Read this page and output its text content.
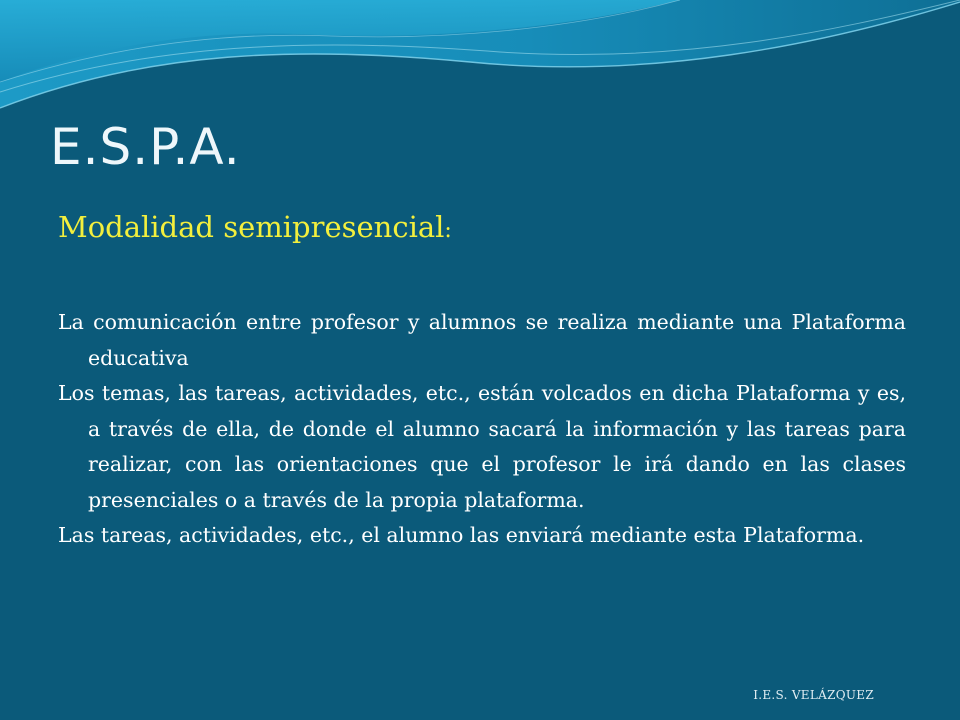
E.S.P.A.
Modalidad semipresencial:

La comunicación entre profesor y alumnos se realiza mediante una Plataforma educativa

Los temas, las tareas, actividades, etc., están volcados en dicha Plataforma y es, a través de ella, de donde el alumno sacará la información y las tareas para realizar, con las orientaciones que el profesor le irá dando en las clases presenciales o a través de la propia plataforma.

Las tareas, actividades, etc., el alumno las enviará mediante esta Plataforma.

I.E.S. VELÁZQUEZ
